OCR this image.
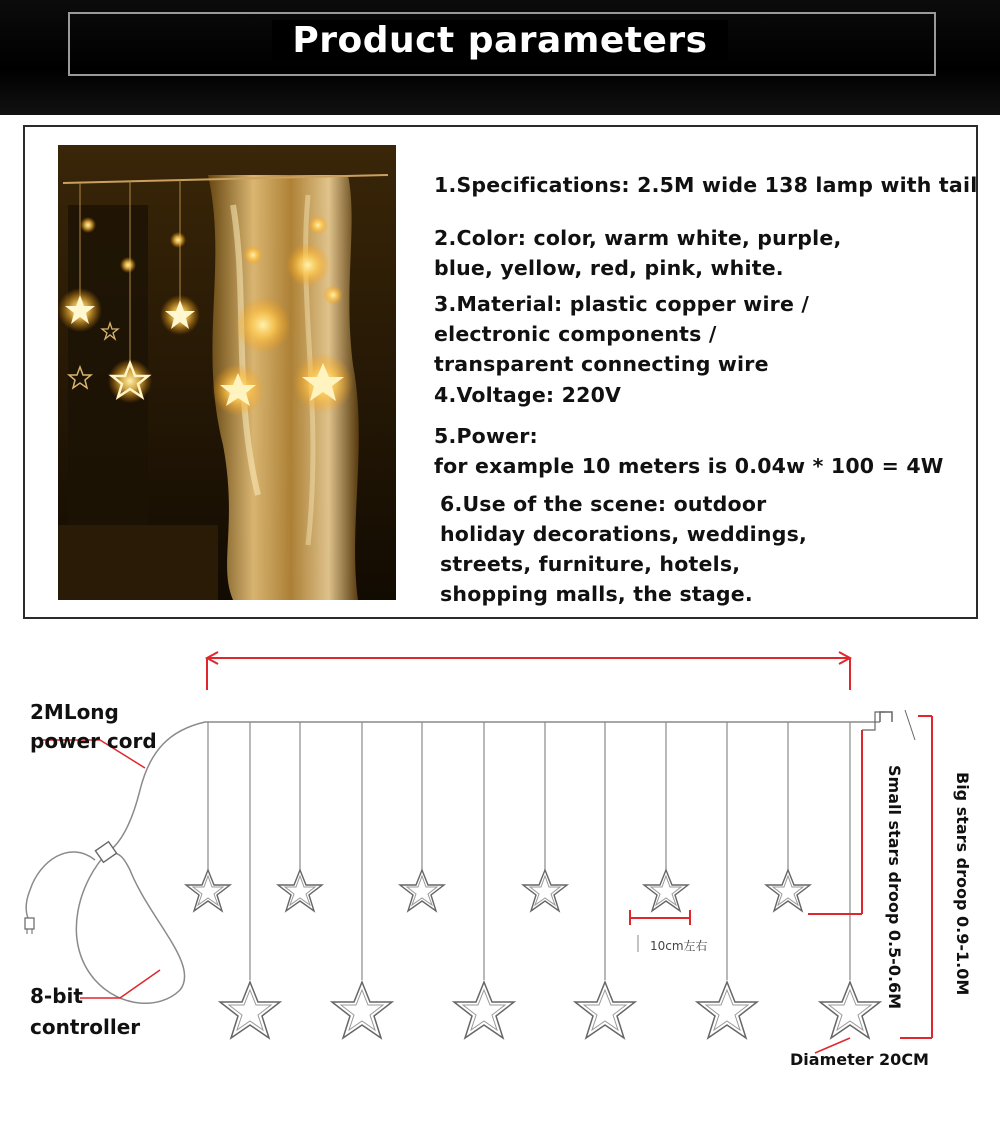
Product parameters
1.Specifications: 2.5M wide 138 lamp with tail
2.Color: color, warm white, purple,
blue, yellow, red, pink, white.
3.Material: plastic copper wire /
electronic components /
transparent connecting wire
4.Voltage: 220V
5.Power:
for example 10 meters is 0.04w * 100 = 4W
6.Use of the scene: outdoor
holiday decorations, weddings,
streets, furniture, hotels,
shopping malls, the stage.
2MLong
power cord
8-bit
controller
Small stars droop 0.5-0.6M	Big stars droop 0.9-1.0M
10cm左右
Diameter 20CM
